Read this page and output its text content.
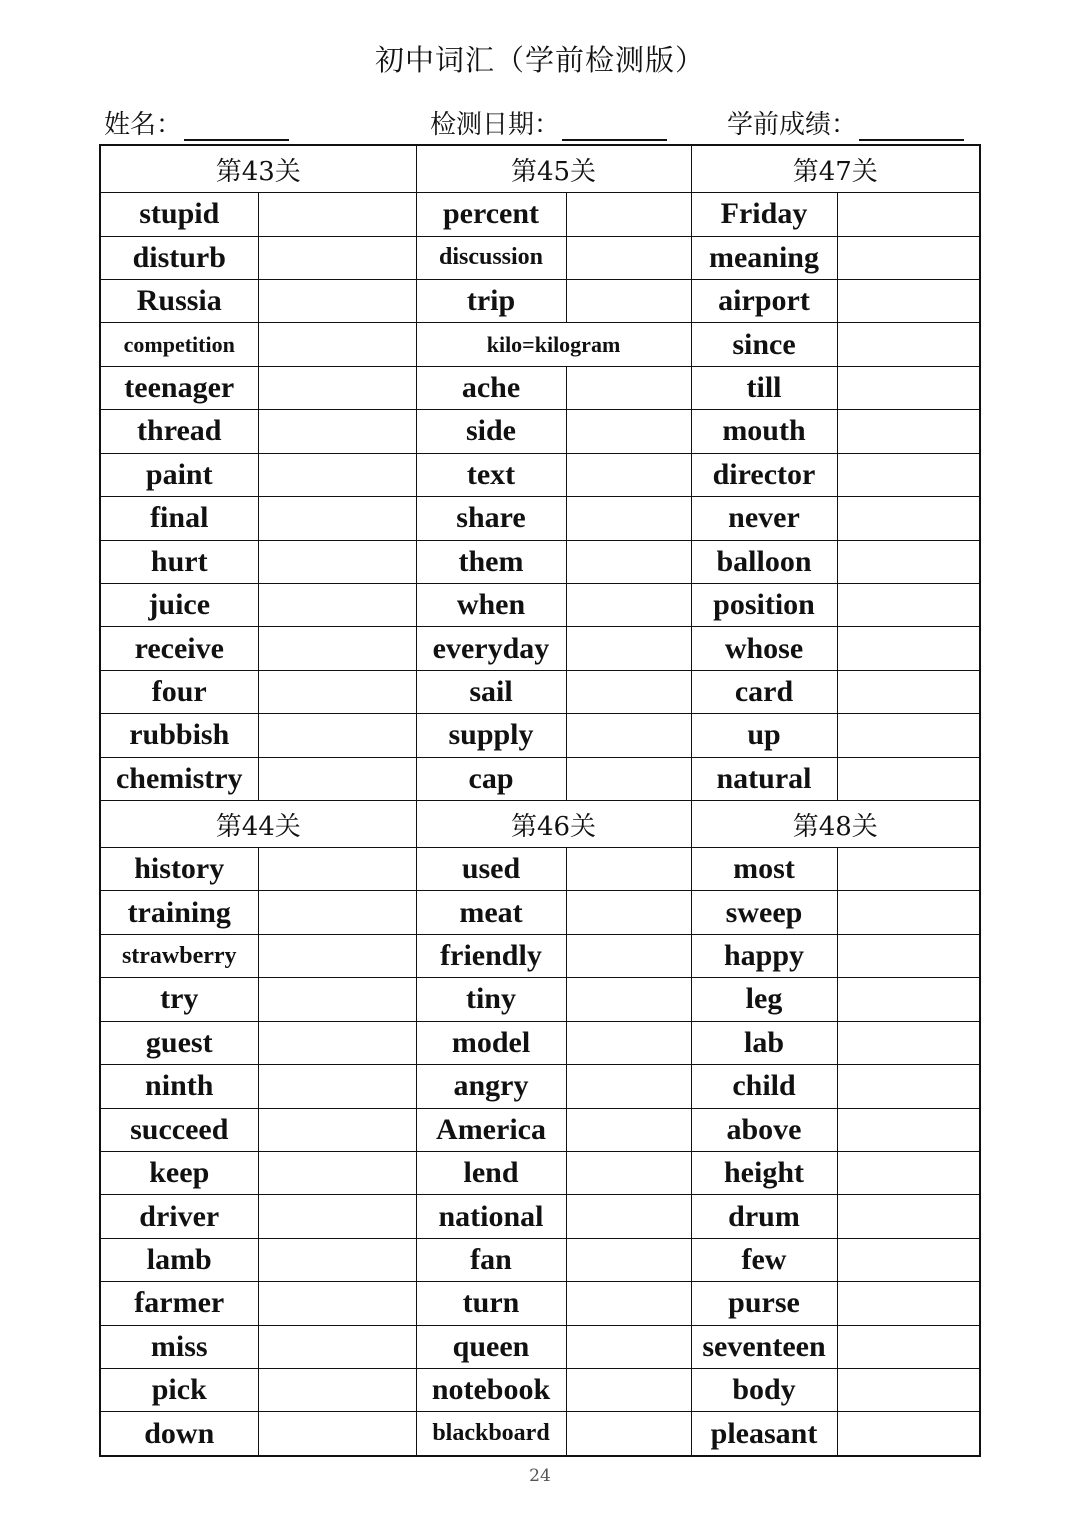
初中词汇（学前检测版）
姓名：	检测日期：	学前成绩：
第43关		第45关		第47关	
stupid		percent		Friday	
disturb		discussion		meaning	
Russia		trip		airport	
competition		kilo=kilogram		since	
teenager		ache		till	
thread		side		mouth	
paint		text		director	
final		share		never	
hurt		them		balloon	
juice		when		position	
receive		everyday		whose	
four		sail		card	
rubbish		supply		up	
chemistry		cap		natural	
第44关		第46关		第48关	
history		used		most	
training		meat		sweep	
strawberry		friendly		happy	
try		tiny		leg	
guest		model		lab	
ninth		angry		child	
succeed		America		above	
keep		lend		height	
driver		national		drum	
lamb		fan		few	
farmer		turn		purse	
miss		queen		seventeen	
pick		notebook		body	
down		blackboard		pleasant	
24
